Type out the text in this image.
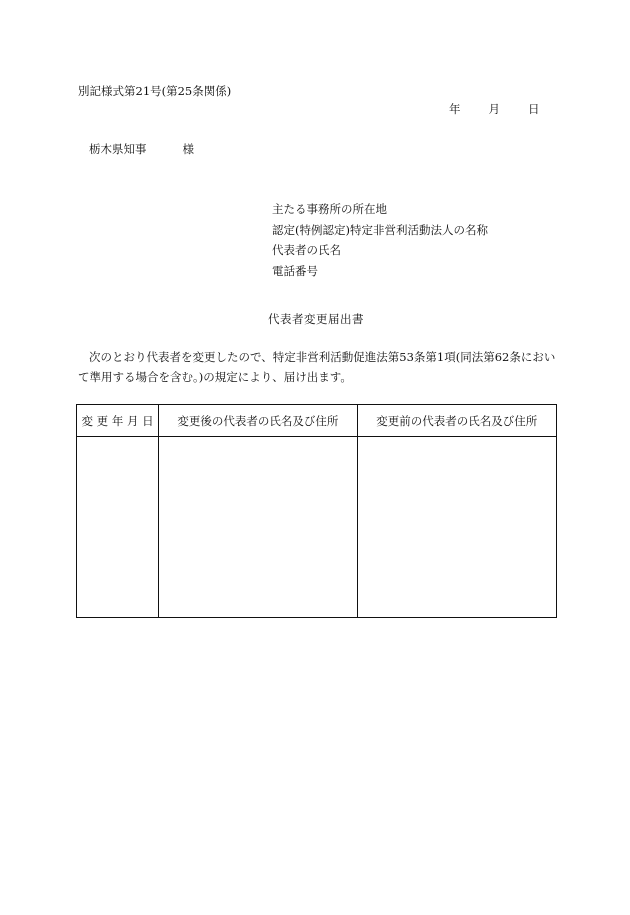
別記様式第21号(第25条関係)
年 月 日
栃木県知事	様
主たる事務所の所在地
認定(特例認定)特定非営利活動法人の名称
代表者の氏名
電話番号
代表者変更届出書
次のとおり代表者を変更したので、特定非営利活動促進法第53条第1項(同法第62条において準用する場合を含む。)の規定により、届け出ます。
変 更 年 月 日	変更後の代表者の氏名及び住所	変更前の代表者の氏名及び住所
